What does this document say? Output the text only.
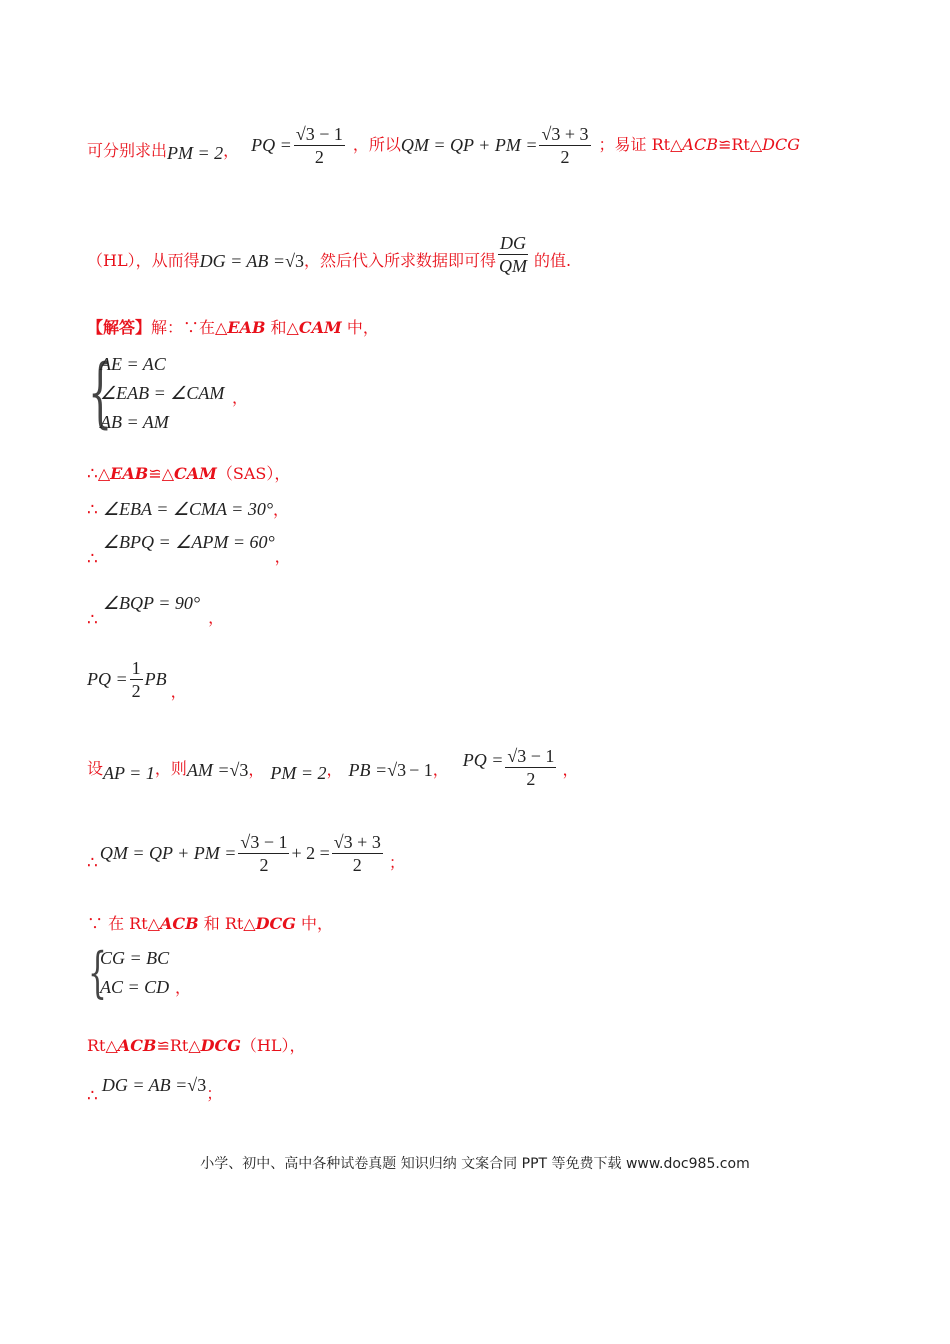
可分别求出 PM = 2 ， PQ = $\frac{√3 - 1}{2}$ ，所以 QM = QP + PM = $\frac{√3 + 3}{2}$ ；易证 Rt△ ACB ≌Rt△ DCG
（HL），从而得 DG = AB = √3 ，然后代入所求数据即可得 $\frac{DG}{QM}$ 的值.
【解答】解：∵在△EAB 和△CAM 中，
{
AE = AC
∠EAB = ∠CAM
AB = AM
，
∴△EAB≌△CAM（SAS），
∴ ∠EBA = ∠CMA = 30°，
∴ ∠BPQ = ∠APM = 60°，
∴ ∠BQP = 90°，
PQ = $\frac{1}{2}$ PB
，
设 AP = 1 ，则 AM = √3 ， PM = 2 ， PB = √3 − 1 ， PQ = $\frac{√3 - 1}{2}$ ，
∴ QM = QP + PM = $\frac{√3 - 1}{2} + 2 = \frac{√3 + 3}{2}$ ；
∵ 在 Rt△ACB 和 Rt△DCG 中，
{
CG = BC
AC = CD ，
Rt△ACB≌Rt△DCG（HL），
∴
DG = AB = √3 ；
小学、初中、高中各种试卷真题 知识归纳 文案合同 PPT 等免费下载 www.doc985.com
